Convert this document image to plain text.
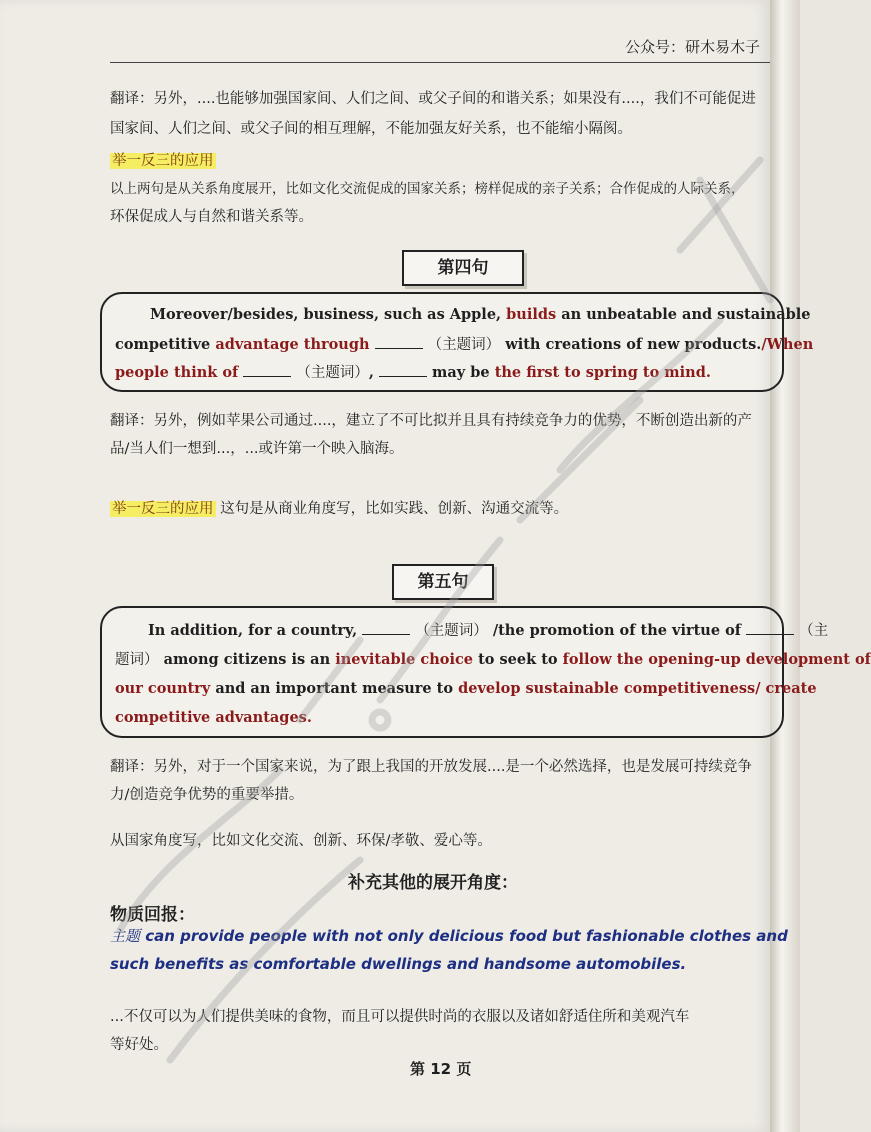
公众号：研木易木子
翻译：另外，....也能够加强国家间、人们之间、或父子间的和谐关系；如果没有....，我们不可能促进
国家间、人们之间、或父子间的相互理解，不能加强友好关系，也不能缩小隔阂。
举一反三的应用
以上两句是从关系角度展开，比如文化交流促成的国家关系；榜样促成的亲子关系；合作促成的人际关系，
环保促成人与自然和谐关系等。
第四句
Moreover/besides, business, such as Apple, builds an unbeatable and sustainable
competitive advantage through	（主题词） with creations of new products./When
people think of	（主题词）,	may be the first to spring to mind.
翻译：另外，例如苹果公司通过....，建立了不可比拟并且具有持续竞争力的优势，不断创造出新的产
品/当人们一想到...，...或许第一个映入脑海。
举一反三的应用 这句是从商业角度写，比如实践、创新、沟通交流等。
第五句
In addition, for a country,	（主题词） /the promotion of the virtue of	（主
题词） among citizens is an inevitable choice to seek to follow the opening-up development of
our country and an important measure to develop sustainable competitiveness/ create
competitive advantages.
翻译：另外，对于一个国家来说，为了跟上我国的开放发展....是一个必然选择，也是发展可持续竞争
力/创造竞争优势的重要举措。
从国家角度写，比如文化交流、创新、环保/孝敬、爱心等。
补充其他的展开角度：
物质回报：
主题 can provide people with not only delicious food but fashionable clothes and
such benefits as comfortable dwellings and handsome automobiles.
...不仅可以为人们提供美味的食物，而且可以提供时尚的衣服以及诸如舒适住所和美观汽车
等好处。
第 12 页
